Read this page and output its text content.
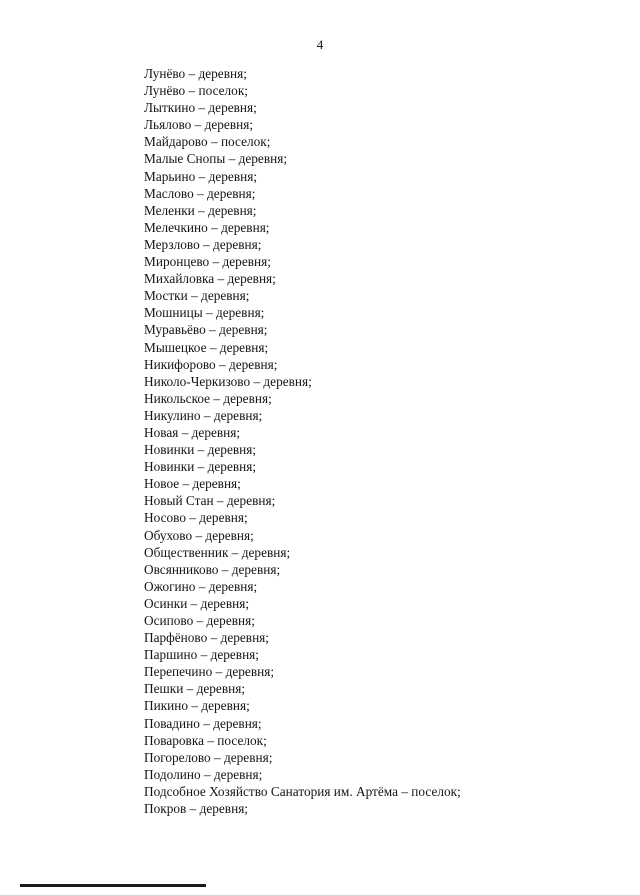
4
Лунёво – деревня;
Лунёво – поселок;
Лыткино – деревня;
Льялово – деревня;
Майдарово – поселок;
Малые Снопы – деревня;
Марьино – деревня;
Маслово – деревня;
Меленки – деревня;
Мелечкино – деревня;
Мерзлово – деревня;
Миронцево – деревня;
Михайловка – деревня;
Мостки – деревня;
Мошницы – деревня;
Муравьёво – деревня;
Мышецкое – деревня;
Никифорово – деревня;
Николо-Черкизово – деревня;
Никольское – деревня;
Никулино – деревня;
Новая – деревня;
Новинки – деревня;
Новинки – деревня;
Новое – деревня;
Новый Стан – деревня;
Носово – деревня;
Обухово – деревня;
Общественник – деревня;
Овсянниково – деревня;
Ожогино – деревня;
Осинки – деревня;
Осипово – деревня;
Парфёново – деревня;
Паршино – деревня;
Перепечино – деревня;
Пешки – деревня;
Пикино – деревня;
Повадино – деревня;
Поваровка – поселок;
Погорелово – деревня;
Подолино – деревня;
Подсобное Хозяйство Санатория им. Артёма – поселок;
Покров – деревня;
